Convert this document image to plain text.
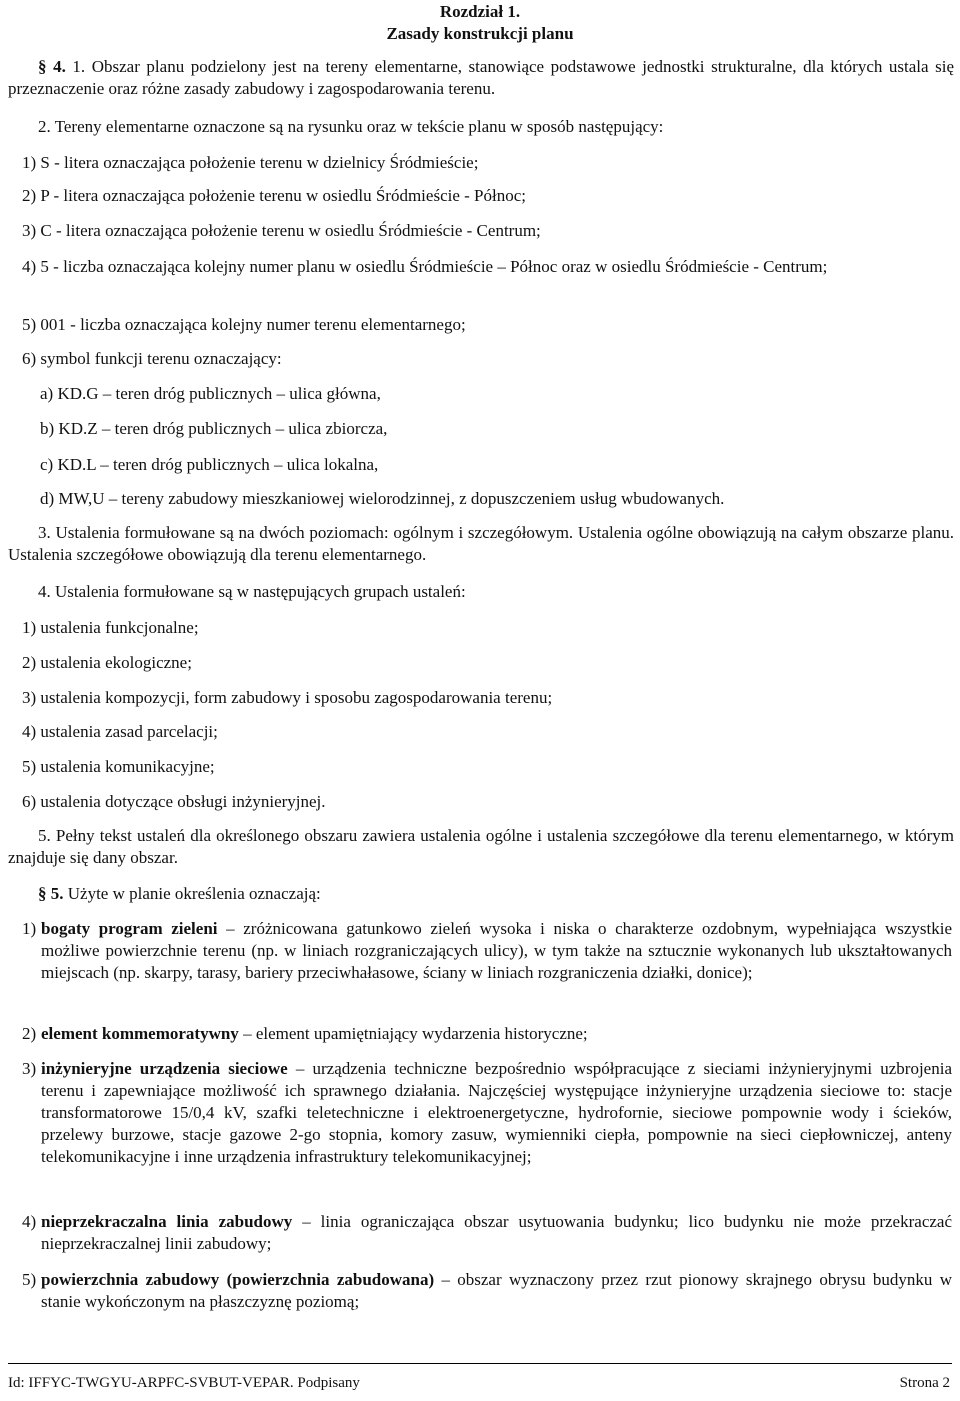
Rozdział 1.
Zasady konstrukcji planu
§ 4. 1. Obszar planu podzielony jest na tereny elementarne, stanowiące podstawowe jednostki strukturalne, dla których ustala się przeznaczenie oraz różne zasady zabudowy i zagospodarowania terenu.
2. Tereny elementarne oznaczone są na rysunku oraz w tekście planu w sposób następujący:
1) S - litera oznaczająca położenie terenu w dzielnicy Śródmieście;
2) P - litera oznaczająca położenie terenu w osiedlu Śródmieście - Północ;
3) C - litera oznaczająca położenie terenu w osiedlu Śródmieście - Centrum;
4) 5 - liczba oznaczająca kolejny numer planu w osiedlu Śródmieście – Północ oraz w osiedlu Śródmieście - Centrum;
5) 001 - liczba oznaczająca kolejny numer terenu elementarnego;
6) symbol funkcji terenu oznaczający:
a) KD.G – teren dróg publicznych – ulica główna,
b) KD.Z – teren dróg publicznych – ulica zbiorcza,
c) KD.L – teren dróg publicznych – ulica lokalna,
d) MW,U – tereny zabudowy mieszkaniowej wielorodzinnej, z dopuszczeniem usług wbudowanych.
3. Ustalenia formułowane są na dwóch poziomach: ogólnym i szczegółowym. Ustalenia ogólne obowiązują na całym obszarze planu. Ustalenia szczegółowe obowiązują dla terenu elementarnego.
4. Ustalenia formułowane są w następujących grupach ustaleń:
1) ustalenia funkcjonalne;
2) ustalenia ekologiczne;
3) ustalenia kompozycji, form zabudowy i sposobu zagospodarowania terenu;
4) ustalenia zasad parcelacji;
5) ustalenia komunikacyjne;
6) ustalenia dotyczące obsługi inżynieryjnej.
5. Pełny tekst ustaleń dla określonego obszaru zawiera ustalenia ogólne i ustalenia szczegółowe dla terenu elementarnego, w którym znajduje się dany obszar.
§ 5. Użyte w planie określenia oznaczają:
1) bogaty program zieleni – zróżnicowana gatunkowo zieleń wysoka i niska o charakterze ozdobnym, wypełniająca wszystkie możliwe powierzchnie terenu (np. w liniach rozgraniczających ulicy), w tym także na sztucznie wykonanych lub ukształtowanych miejscach (np. skarpy, tarasy, bariery przeciwhałasowe, ściany w liniach rozgraniczenia działki, donice);
2) element kommemoratywny – element upamiętniający wydarzenia historyczne;
3) inżynieryjne urządzenia sieciowe – urządzenia techniczne bezpośrednio współpracujące z sieciami inżynieryjnymi uzbrojenia terenu i zapewniające możliwość ich sprawnego działania. Najczęściej występujące inżynieryjne urządzenia sieciowe to: stacje transformatorowe 15/0,4 kV, szafki teletechniczne i elektroenergetyczne, hydrofornie, sieciowe pompownie wody i ścieków, przelewy burzowe, stacje gazowe 2-go stopnia, komory zasuw, wymienniki ciepła, pompownie na sieci ciepłowniczej, anteny telekomunikacyjne i inne urządzenia infrastruktury telekomunikacyjnej;
4) nieprzekraczalna linia zabudowy – linia ograniczająca obszar usytuowania budynku; lico budynku nie może przekraczać nieprzekraczalnej linii zabudowy;
5) powierzchnia zabudowy (powierzchnia zabudowana) – obszar wyznaczony przez rzut pionowy skrajnego obrysu budynku w stanie wykończonym na płaszczyznę poziomą;
Id: IFFYC-TWGYU-ARPFC-SVBUT-VEPAR. Podpisany	Strona 2
